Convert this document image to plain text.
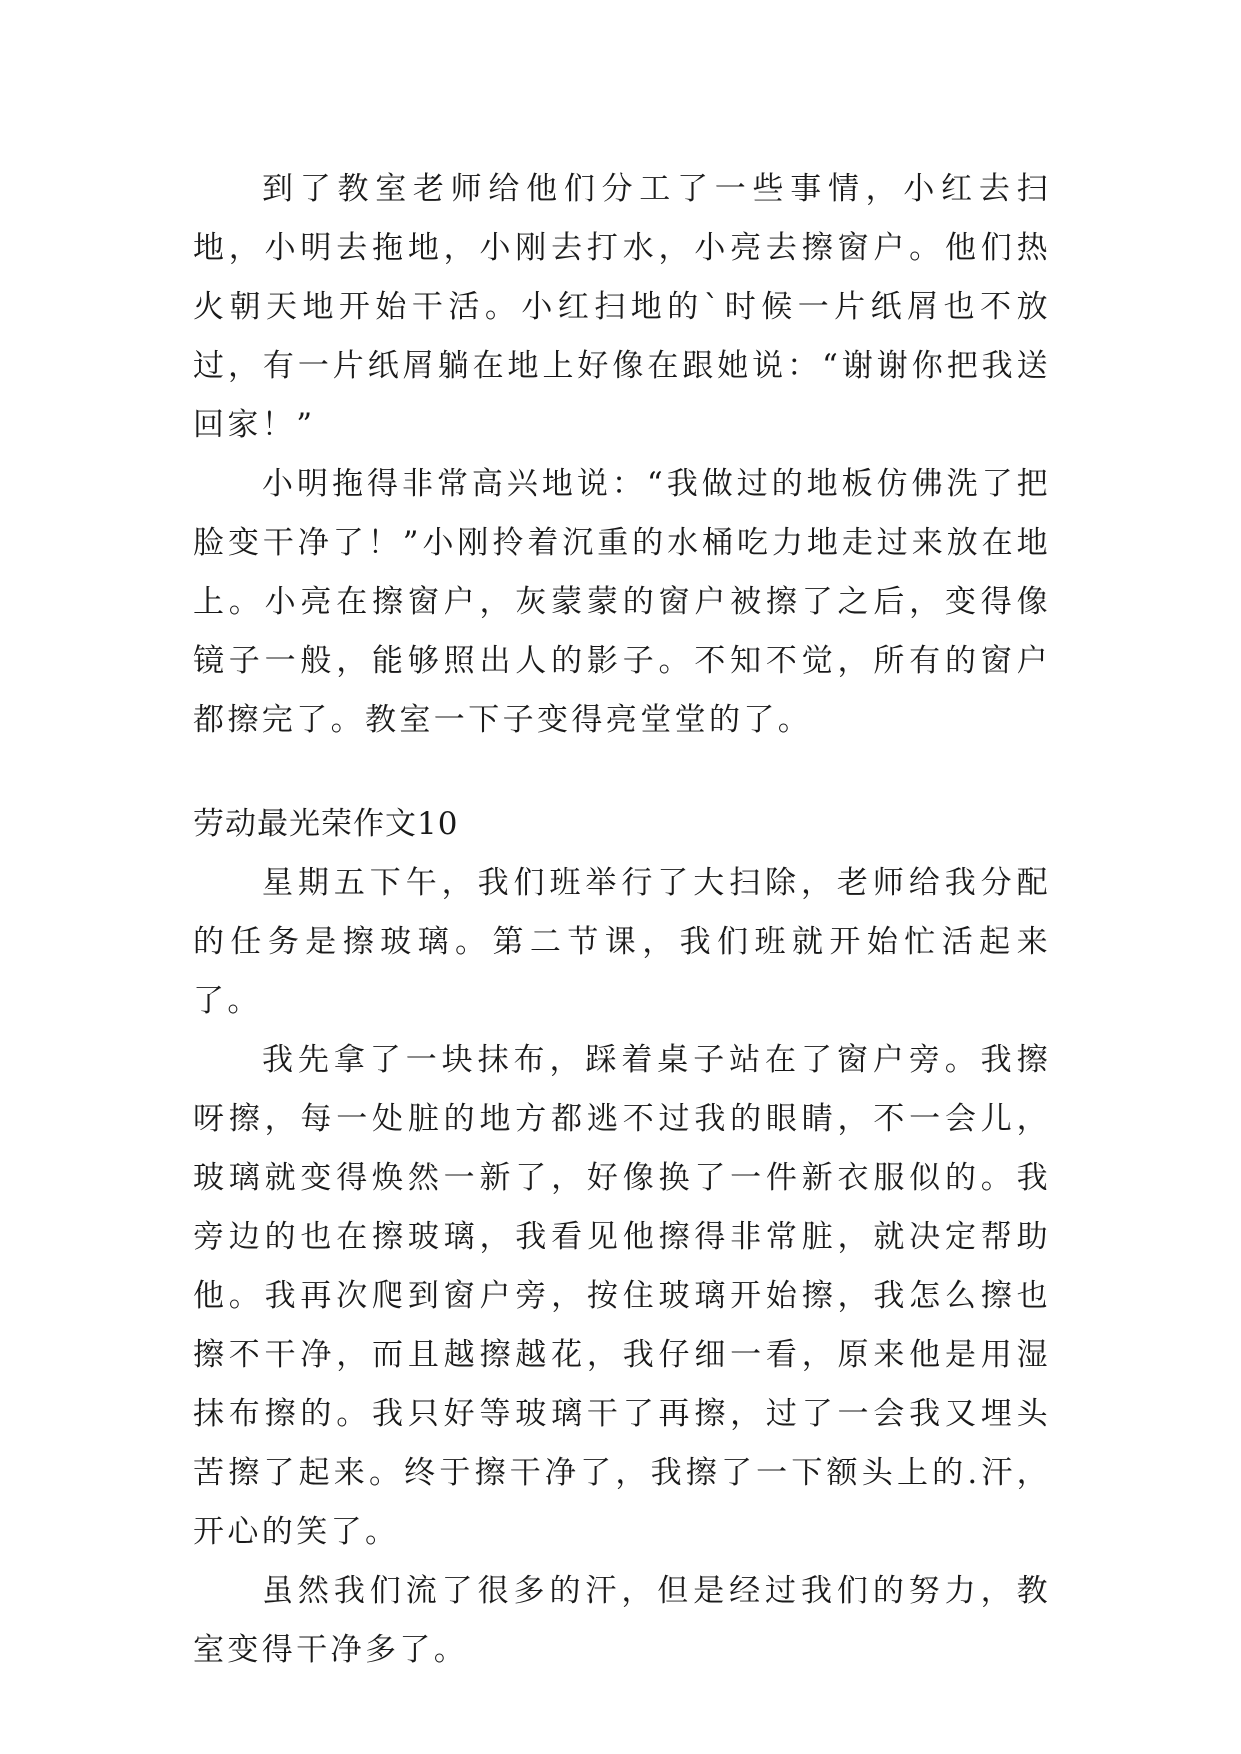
到了教室老师给他们分工了一些事情，小红去扫地，小明去拖地，小刚去打水，小亮去擦窗户。他们热火朝天地开始干活。小红扫地的`时候一片纸屑也不放过，有一片纸屑躺在地上好像在跟她说：“谢谢你把我送回家！”

小明拖得非常高兴地说：“我做过的地板仿佛洗了把脸变干净了！”小刚拎着沉重的水桶吃力地走过来放在地上。小亮在擦窗户，灰蒙蒙的窗户被擦了之后，变得像镜子一般，能够照出人的影子。不知不觉，所有的窗户都擦完了。教室一下子变得亮堂堂的了。

劳动最光荣作文10

星期五下午，我们班举行了大扫除，老师给我分配的任务是擦玻璃。第二节课，我们班就开始忙活起来了。

我先拿了一块抹布，踩着桌子站在了窗户旁。我擦呀擦，每一处脏的地方都逃不过我的眼睛，不一会儿，玻璃就变得焕然一新了，好像换了一件新衣服似的。我旁边的也在擦玻璃，我看见他擦得非常脏，就决定帮助他。我再次爬到窗户旁，按住玻璃开始擦，我怎么擦也擦不干净，而且越擦越花，我仔细一看，原来他是用湿抹布擦的。我只好等玻璃干了再擦，过了一会我又埋头苦擦了起来。终于擦干净了，我擦了一下额头上的.汗，开心的笑了。

虽然我们流了很多的汗，但是经过我们的努力，教室变得干净多了。
